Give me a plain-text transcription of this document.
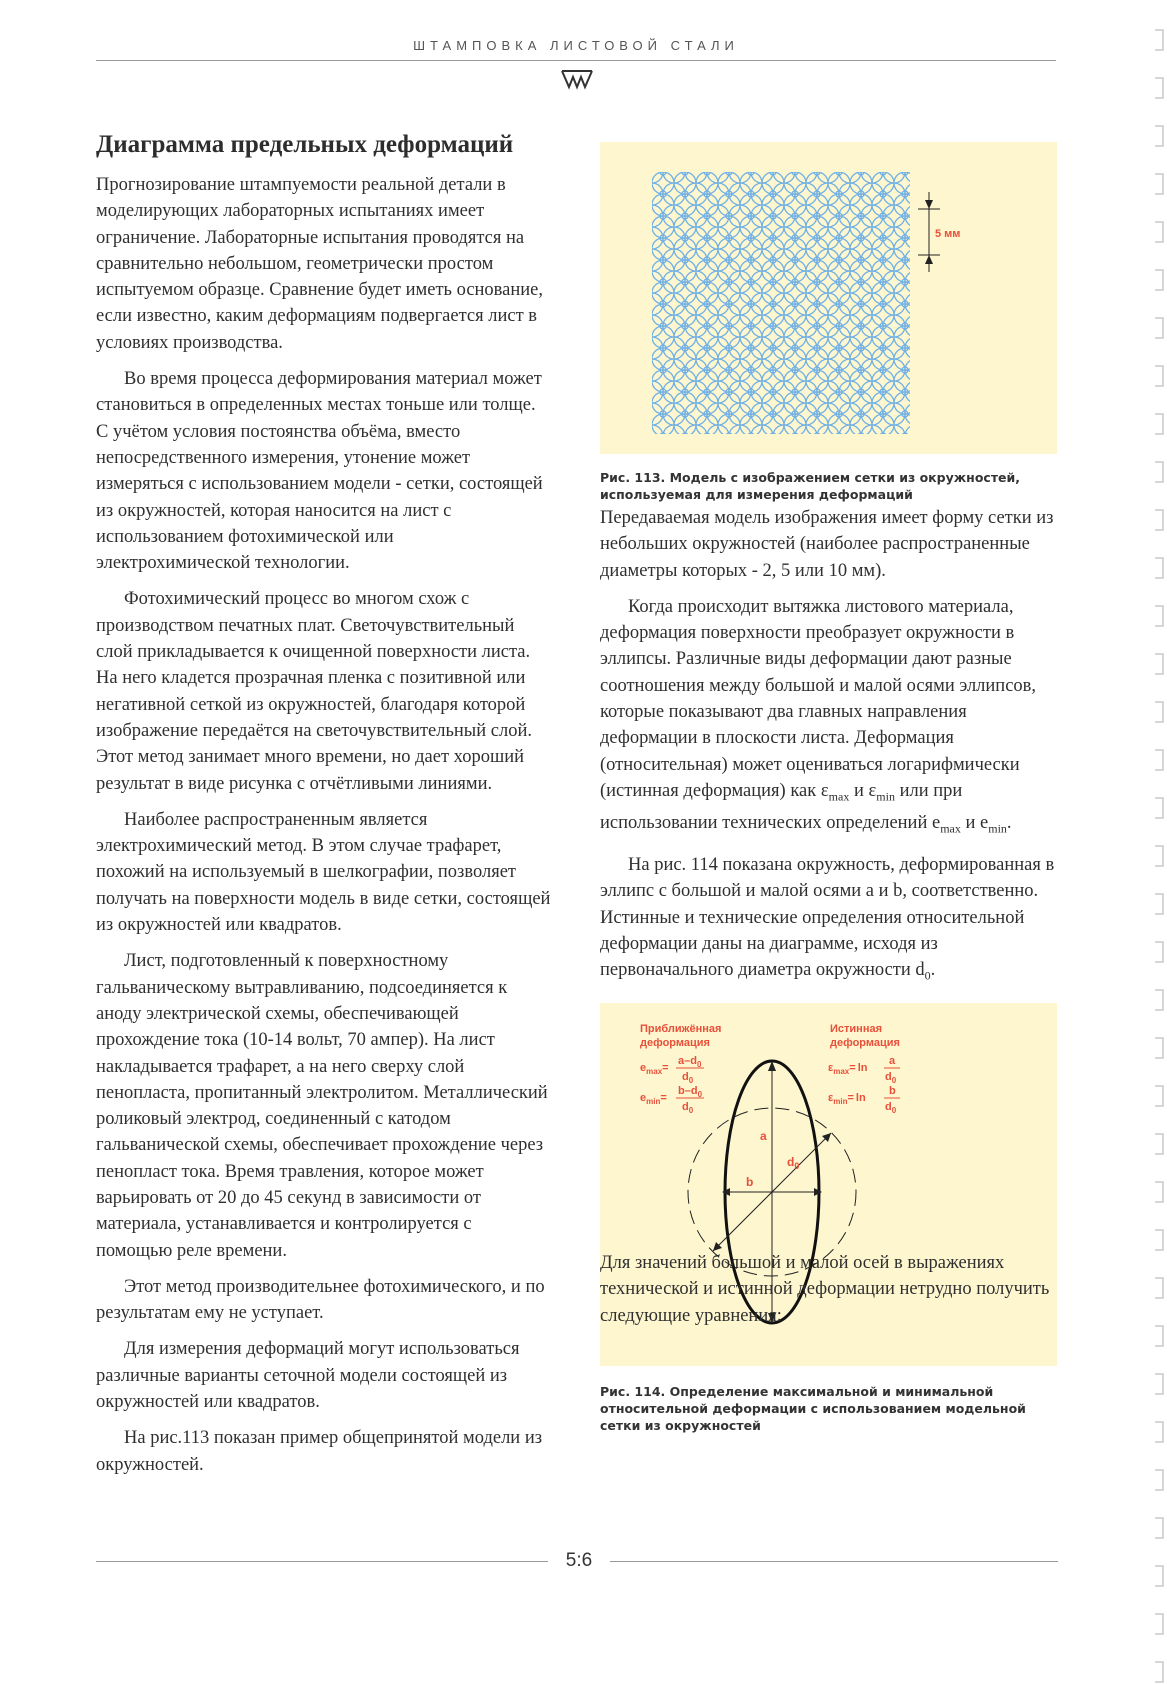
ШТАМПОВКА ЛИСТОВОЙ СТАЛИ
Диаграмма предельных деформаций

Прогнозирование штампуемости реальной детали в моделирующих лабораторных испытаниях имеет ограничение. Лабораторные испытания проводятся на сравнительно небольшом, геометрически простом испытуемом образце. Сравнение будет иметь основание, если известно, каким деформациям подвергается лист в условиях производства.

Во время процесса деформирования материал может становиться в определенных местах тоньше или толще. С учётом условия постоянства объёма, вместо непосредственного измерения, утонение может измеряться с использованием модели - сетки, состоящей из окружностей, которая наносится на лист с использованием фотохимической или электрохимической технологии.

Фотохимический процесс во многом схож с производством печатных плат. Светочувствительный слой прикладывается к очищенной поверхности листа. На него кладется прозрачная пленка с позитивной или негативной сеткой из окружностей, благодаря которой изображение передаётся на светочувствительный слой. Этот метод занимает много времени, но дает хороший результат в виде рисунка с отчётливыми линиями.

Наиболее распространенным является электрохимический метод. В этом случае трафарет, похожий на используемый в шелкографии, позволяет получать на поверхности модель в виде сетки, состоящей из окружностей или квадратов.

Лист, подготовленный к поверхностному гальваническому вытравливанию, подсоединяется к аноду электрической схемы, обеспечивающей прохождение тока (10-14 вольт, 70 ампер). На лист накладывается трафарет, а на него сверху слой пенопласта, пропитанный электролитом. Металлический роликовый электрод, соединенный с катодом гальванической схемы, обеспечивает прохождение через пенопласт тока. Время травления, которое может варьировать от 20 до 45 секунд в зависимости от материала, устанавливается и контролируется с помощью реле времени.

Этот метод производительнее фотохимического, и по результатам ему не уступает.

Для измерения деформаций могут использоваться различные варианты сеточной модели состоящей из окружностей или квадратов.

На рис.113 показан пример общепринятой модели из окружностей.

5 мм
Рис. 113. Модель с изображением сетки из окружностей, используемая для измерения деформаций

Передаваемая модель изображения имеет форму сетки из небольших окружностей (наиболее распространенные диаметры которых - 2, 5 или 10 мм).

Когда происходит вытяжка листового материала, деформация поверхности преобразует окружности в эллипсы. Различные виды деформации дают разные соотношения между большой и малой осями эллипсов, которые показывают два главных направления деформации в плоскости листа. Деформация (относительная) может оцениваться логарифмически (истинная деформация) как $\varepsilon_{max}$ и $\varepsilon_{min}$ или при использовании технических определений $e_{max}$ и $e_{min}$.

На рис. 114 показана окружность, деформированная в эллипс с большой и малой осями a и b, соответственно. Истинные и технические определения относительной деформации даны на диаграмме, исходя из первоначального диаметра окружности $d_0$.

Приближённая
деформация
Истинная
деформация
$e_{max}=$
$a-d_0$
$d_0$
$e_{min}=$
$b-d_0$
$d_0$
$\varepsilon_{max}= \ln$
a
$d_0$
$\varepsilon_{min}= \ln$
b
$d_0$
a
b
$d_0$
Рис. 114. Определение максимальной и минимальной относительной деформации с использованием модельной сетки из окружностей

Для значений большой и малой осей в выражениях технической и истинной деформации нетрудно получить следующие уравнения:

5:6
